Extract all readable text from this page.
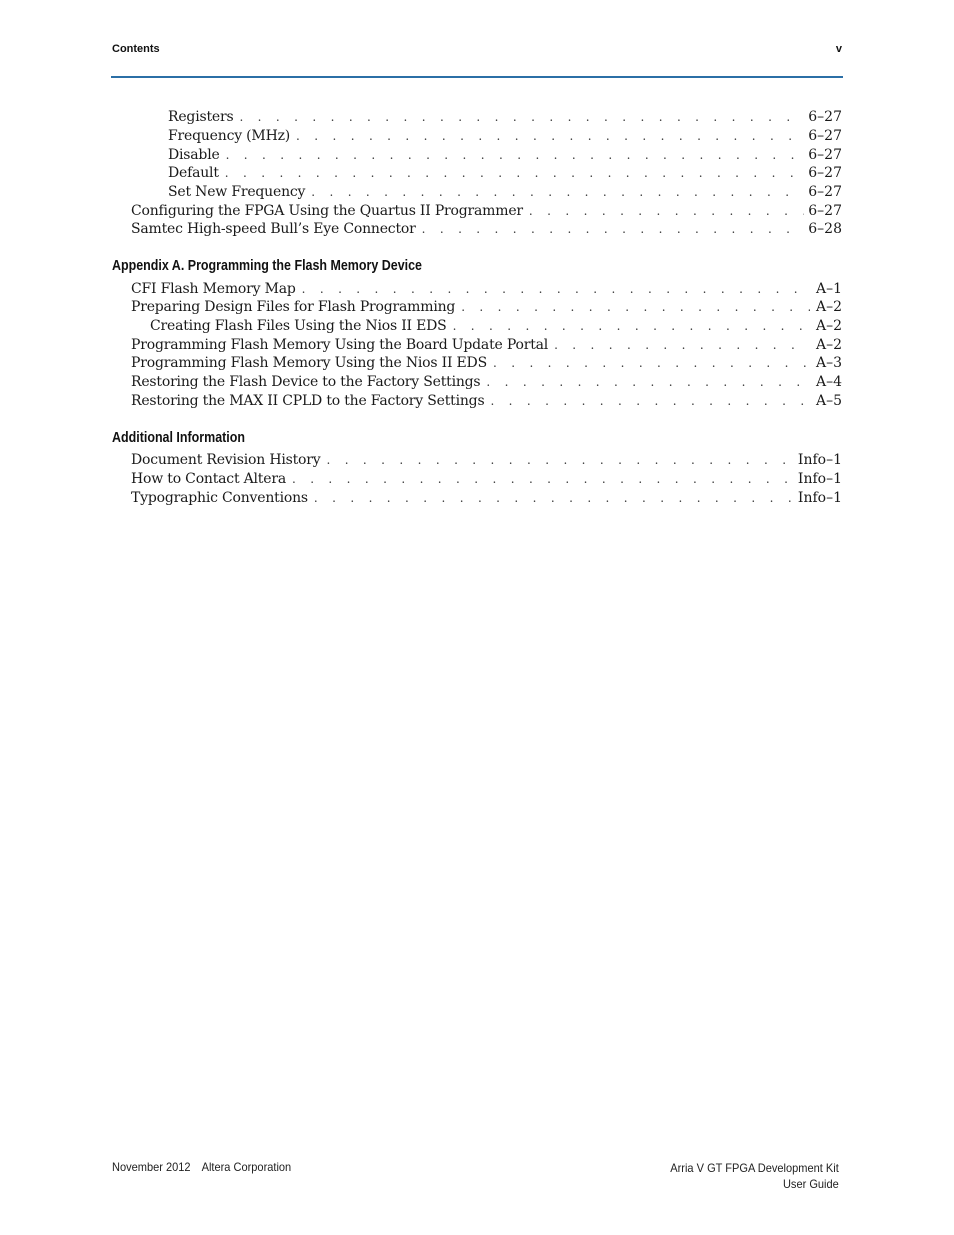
Contents	v
Registers . . .	6–27
Frequency (MHz) . . .	6–27
Disable . . .	6–27
Default . . .	6–27
Set New Frequency . . .	6–27
Configuring the FPGA Using the Quartus II Programmer . . .	6–27
Samtec High-speed Bull’s Eye Connector . . .	6–28
Appendix A. Programming the Flash Memory Device
CFI Flash Memory Map . . .	A–1
Preparing Design Files for Flash Programming . . .	A–2
Creating Flash Files Using the Nios II EDS . . .	A–2
Programming Flash Memory Using the Board Update Portal . . .	A–2
Programming Flash Memory Using the Nios II EDS . . .	A–3
Restoring the Flash Device to the Factory Settings . . .	A–4
Restoring the MAX II CPLD to the Factory Settings . . .	A–5
Additional Information
Document Revision History . . .	Info–1
How to Contact Altera . . .	Info–1
Typographic Conventions . . .	Info–1
November 2012 Altera Corporation	Arria V GT FPGA Development Kit
User Guide
